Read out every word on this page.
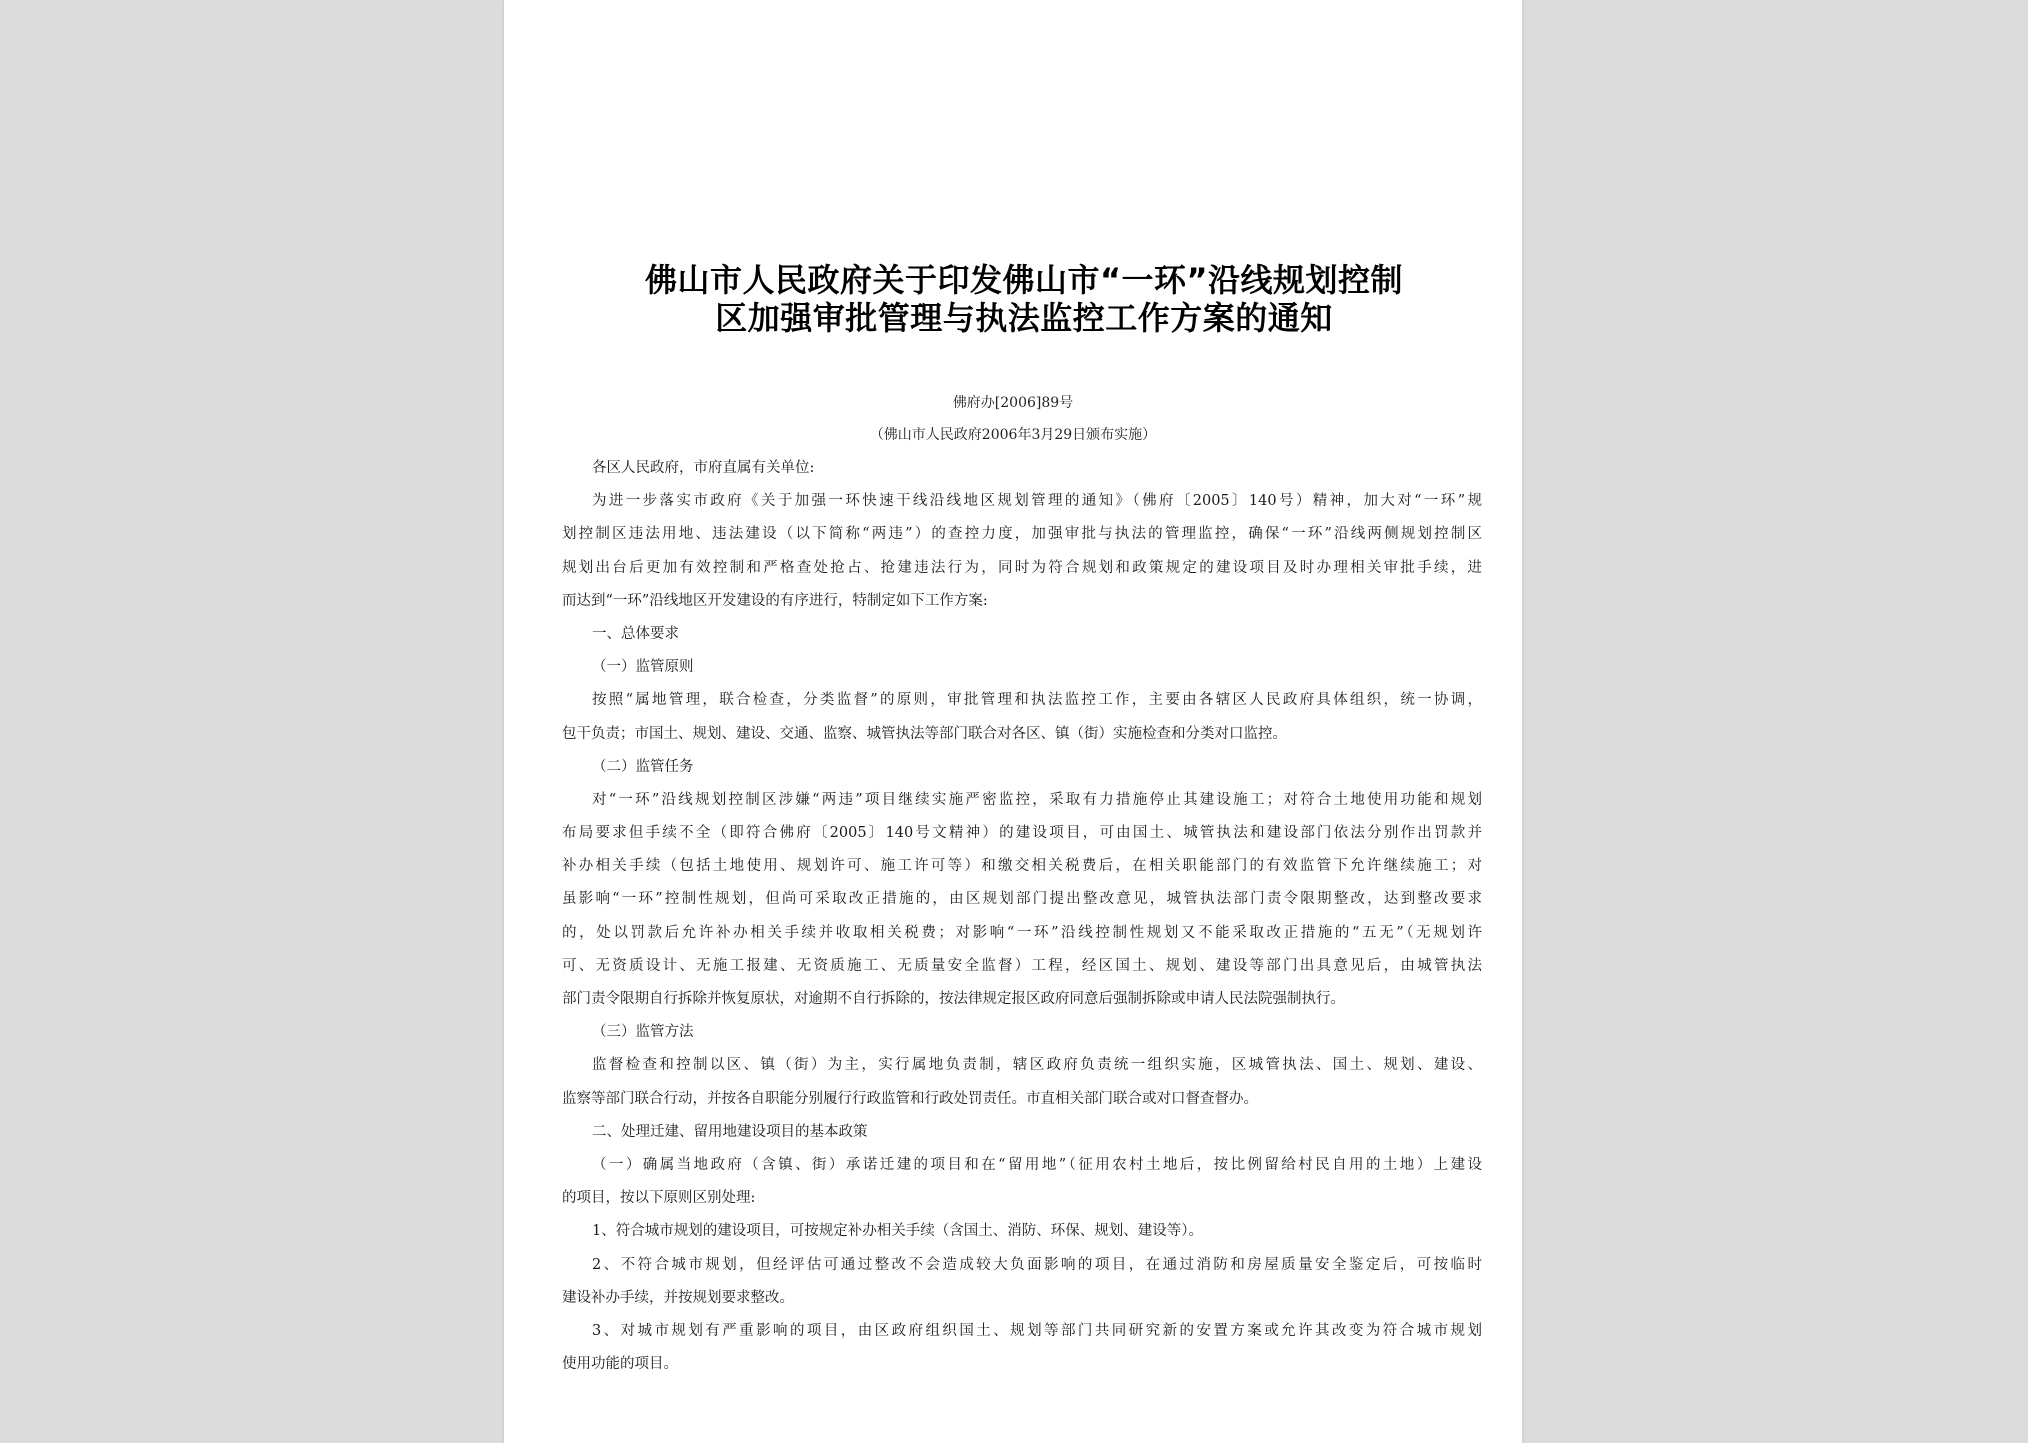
佛山市人民政府关于印发佛山市“一环”沿线规划控制
区加强审批管理与执法监控工作方案的通知
佛府办[2006]89号
（佛山市人民政府2006年3月29日颁布实施）
各区人民政府，市府直属有关单位:
为进一步落实市政府《关于加强一环快速干线沿线地区规划管理的通知》（佛府〔2005〕140号）精神，加大对“一环”规
划控制区违法用地、违法建设（以下简称“两违”）的查控力度，加强审批与执法的管理监控，确保“一环”沿线两侧规划控制区
规划出台后更加有效控制和严格查处抢占、抢建违法行为，同时为符合规划和政策规定的建设项目及时办理相关审批手续，进
而达到“一环”沿线地区开发建设的有序进行，特制定如下工作方案:
一、总体要求
（一）监管原则
按照“属地管理，联合检查，分类监督”的原则，审批管理和执法监控工作，主要由各辖区人民政府具体组织，统一协调，
包干负责；市国土、规划、建设、交通、监察、城管执法等部门联合对各区、镇（街）实施检查和分类对口监控。
（二）监管任务
对“一环”沿线规划控制区涉嫌“两违”项目继续实施严密监控，采取有力措施停止其建设施工；对符合土地使用功能和规划
布局要求但手续不全（即符合佛府〔2005〕140号文精神）的建设项目，可由国土、城管执法和建设部门依法分别作出罚款并
补办相关手续（包括土地使用、规划许可、施工许可等）和缴交相关税费后，在相关职能部门的有效监管下允许继续施工；对
虽影响“一环”控制性规划，但尚可采取改正措施的，由区规划部门提出整改意见，城管执法部门责令限期整改，达到整改要求
的，处以罚款后允许补办相关手续并收取相关税费；对影响“一环”沿线控制性规划又不能采取改正措施的“五无”（无规划许
可、无资质设计、无施工报建、无资质施工、无质量安全监督）工程，经区国土、规划、建设等部门出具意见后，由城管执法
部门责令限期自行拆除并恢复原状，对逾期不自行拆除的，按法律规定报区政府同意后强制拆除或申请人民法院强制执行。
（三）监管方法
监督检查和控制以区、镇（街）为主，实行属地负责制，辖区政府负责统一组织实施，区城管执法、国土、规划、建设、
监察等部门联合行动，并按各自职能分别履行行政监管和行政处罚责任。市直相关部门联合或对口督查督办。
二、处理迁建、留用地建设项目的基本政策
（一）确属当地政府（含镇、街）承诺迁建的项目和在“留用地”（征用农村土地后，按比例留给村民自用的土地）上建设
的项目，按以下原则区别处理:
1、符合城市规划的建设项目，可按规定补办相关手续（含国土、消防、环保、规划、建设等）。
2、不符合城市规划，但经评估可通过整改不会造成较大负面影响的项目，在通过消防和房屋质量安全鉴定后，可按临时
建设补办手续，并按规划要求整改。
3、对城市规划有严重影响的项目，由区政府组织国土、规划等部门共同研究新的安置方案或允许其改变为符合城市规划
使用功能的项目。
